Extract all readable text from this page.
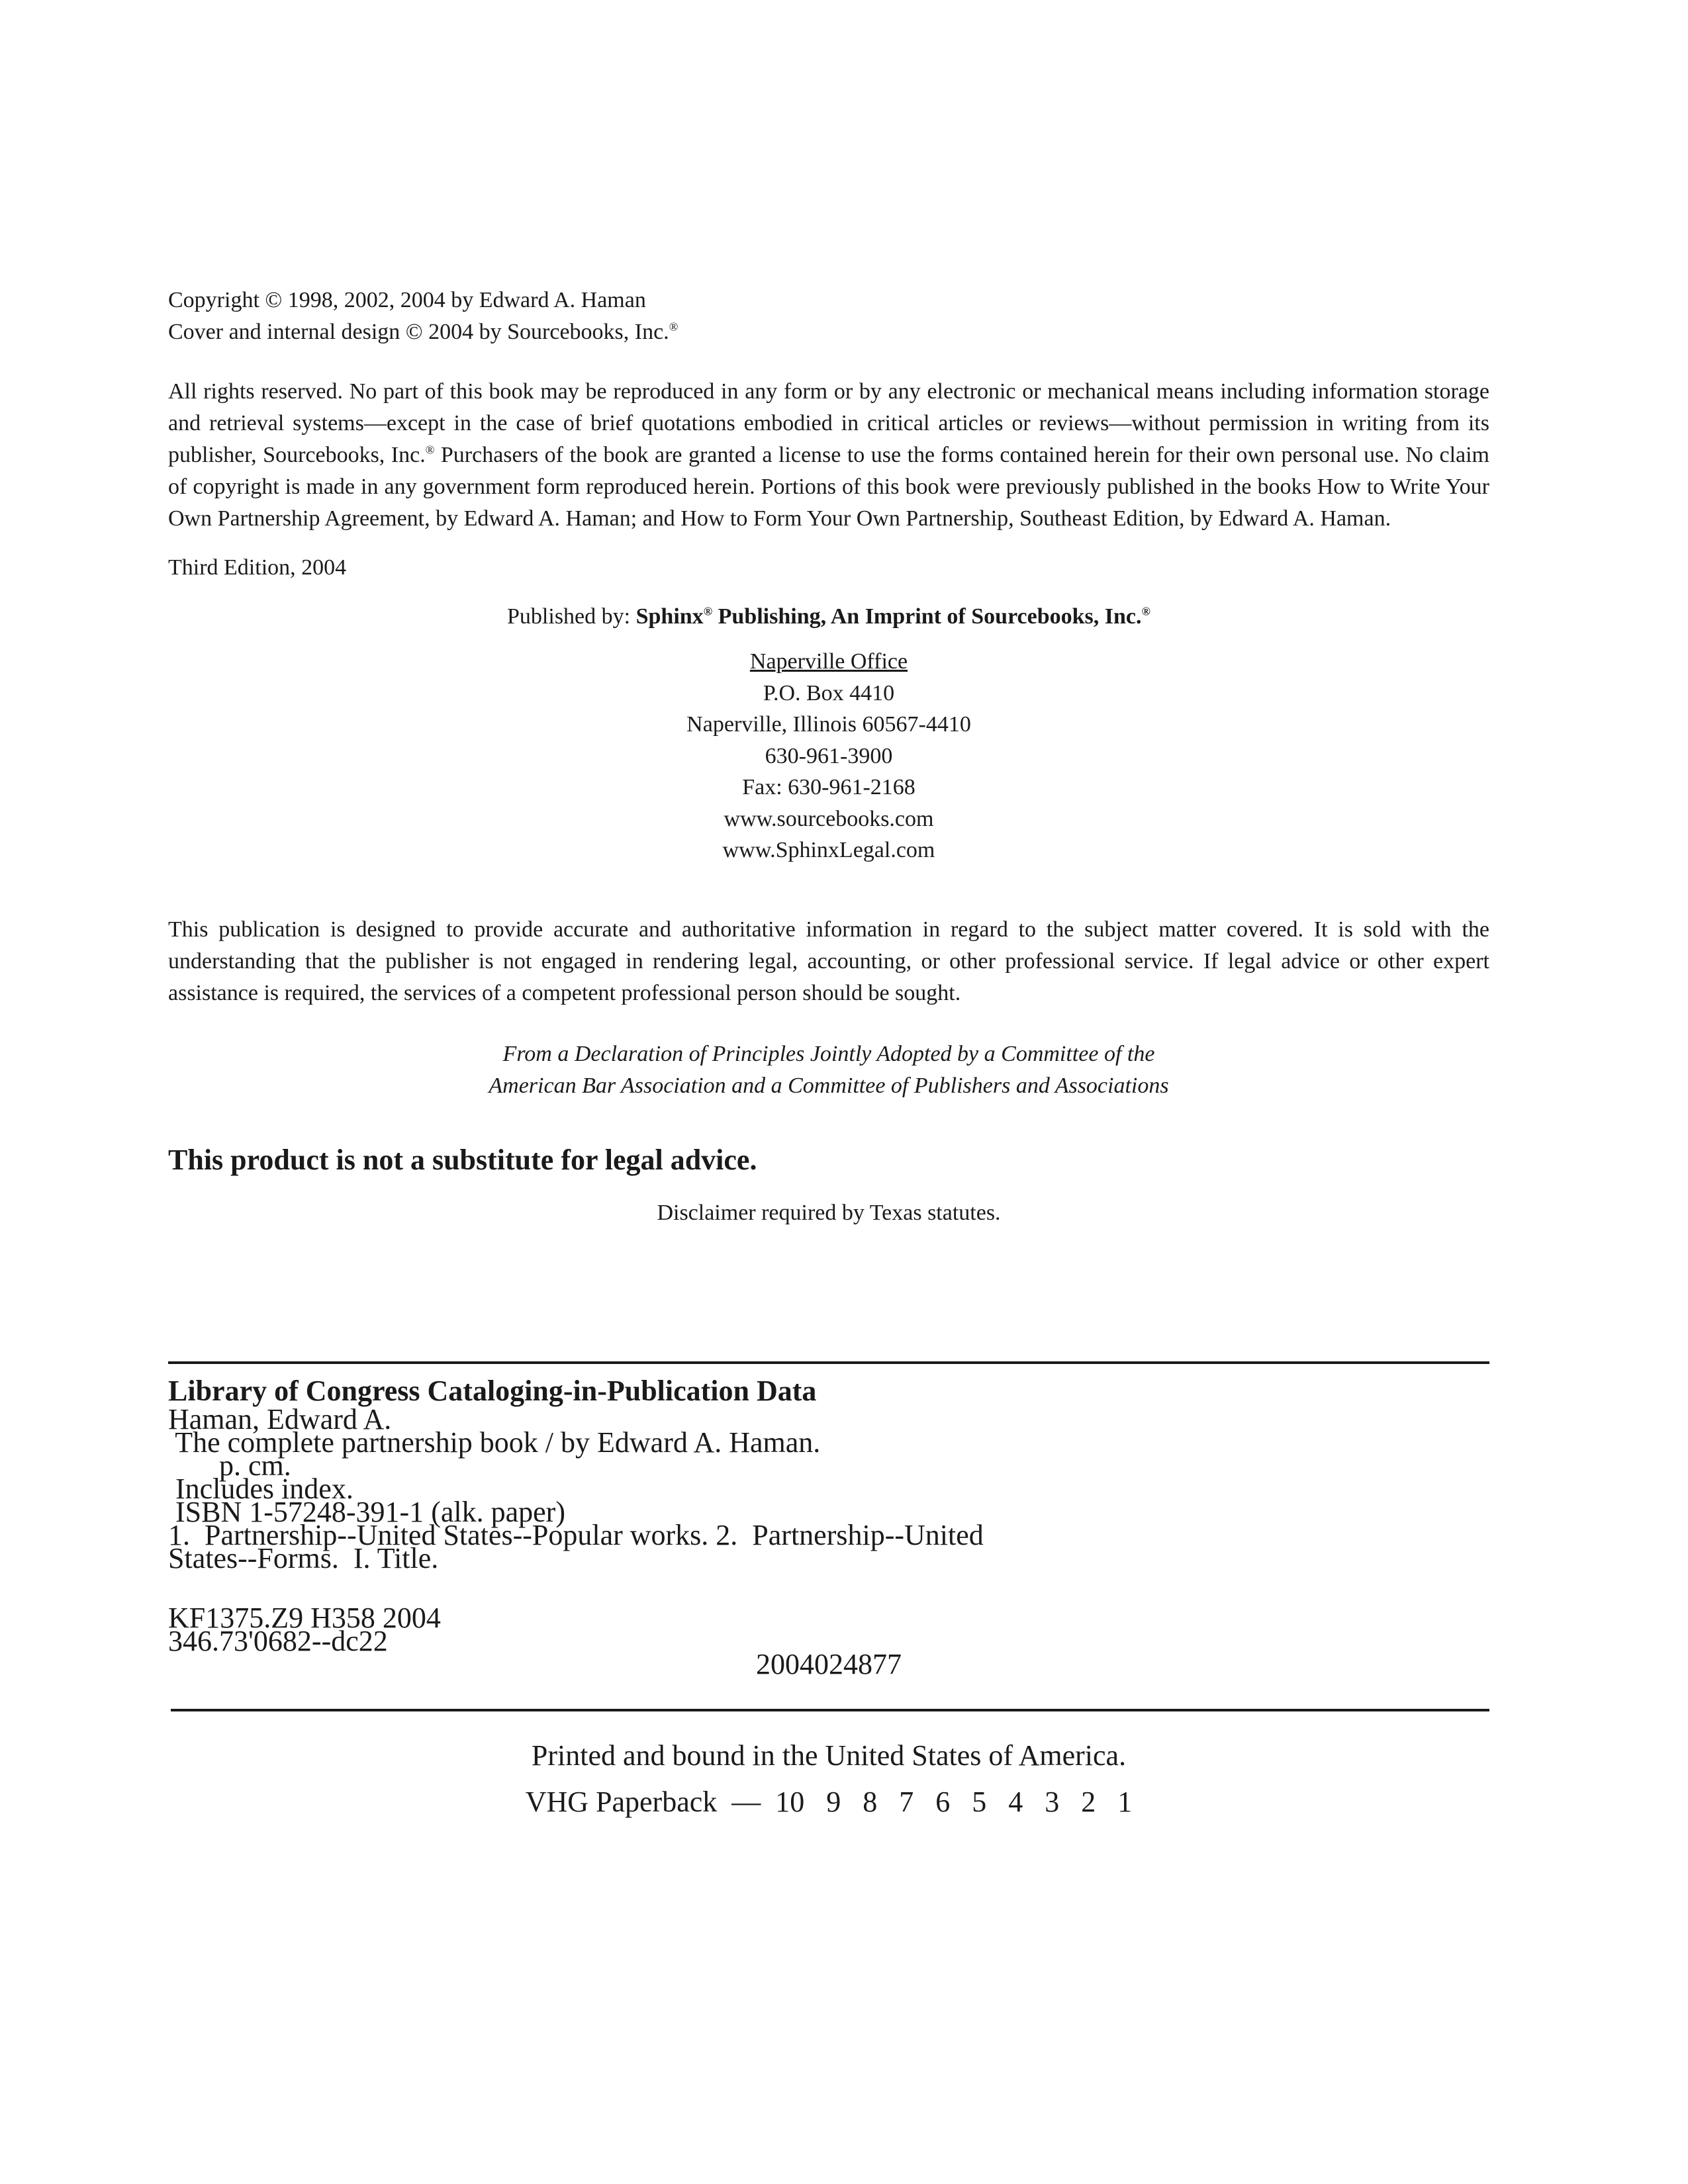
Copyright © 1998, 2002, 2004 by Edward A. Haman
Cover and internal design © 2004 by Sourcebooks, Inc.®
All rights reserved. No part of this book may be reproduced in any form or by any electronic or mechanical means including information storage and retrieval systems—except in the case of brief quotations embodied in critical articles or reviews—without permission in writing from its publisher, Sourcebooks, Inc.® Purchasers of the book are granted a license to use the forms contained herein for their own personal use. No claim of copyright is made in any government form reproduced herein. Portions of this book were previously published in the books How to Write Your Own Partnership Agreement, by Edward A. Haman; and How to Form Your Own Partnership, Southeast Edition, by Edward A. Haman.
Third Edition, 2004
Published by: Sphinx® Publishing, An Imprint of Sourcebooks, Inc.®
Naperville Office
P.O. Box 4410
Naperville, Illinois 60567-4410
630-961-3900
Fax: 630-961-2168
www.sourcebooks.com
www.SphinxLegal.com
This publication is designed to provide accurate and authoritative information in regard to the subject matter covered. It is sold with the understanding that the publisher is not engaged in rendering legal, accounting, or other professional service. If legal advice or other expert assistance is required, the services of a competent professional person should be sought.
From a Declaration of Principles Jointly Adopted by a Committee of the
American Bar Association and a Committee of Publishers and Associations
This product is not a substitute for legal advice.
Disclaimer required by Texas statutes.
Library of Congress Cataloging-in-Publication Data
Haman, Edward A.
The complete partnership book / by Edward A. Haman.
p. cm.
Includes index.
ISBN 1-57248-391-1 (alk. paper)
1.  Partnership--United States--Popular works. 2.  Partnership--United
States--Forms.  I. Title.
KF1375.Z9 H358 2004
346.73'0682--dc22
2004024877
Printed and bound in the United States of America.
VHG Paperback  —  10   9   8   7   6   5   4   3   2   1
